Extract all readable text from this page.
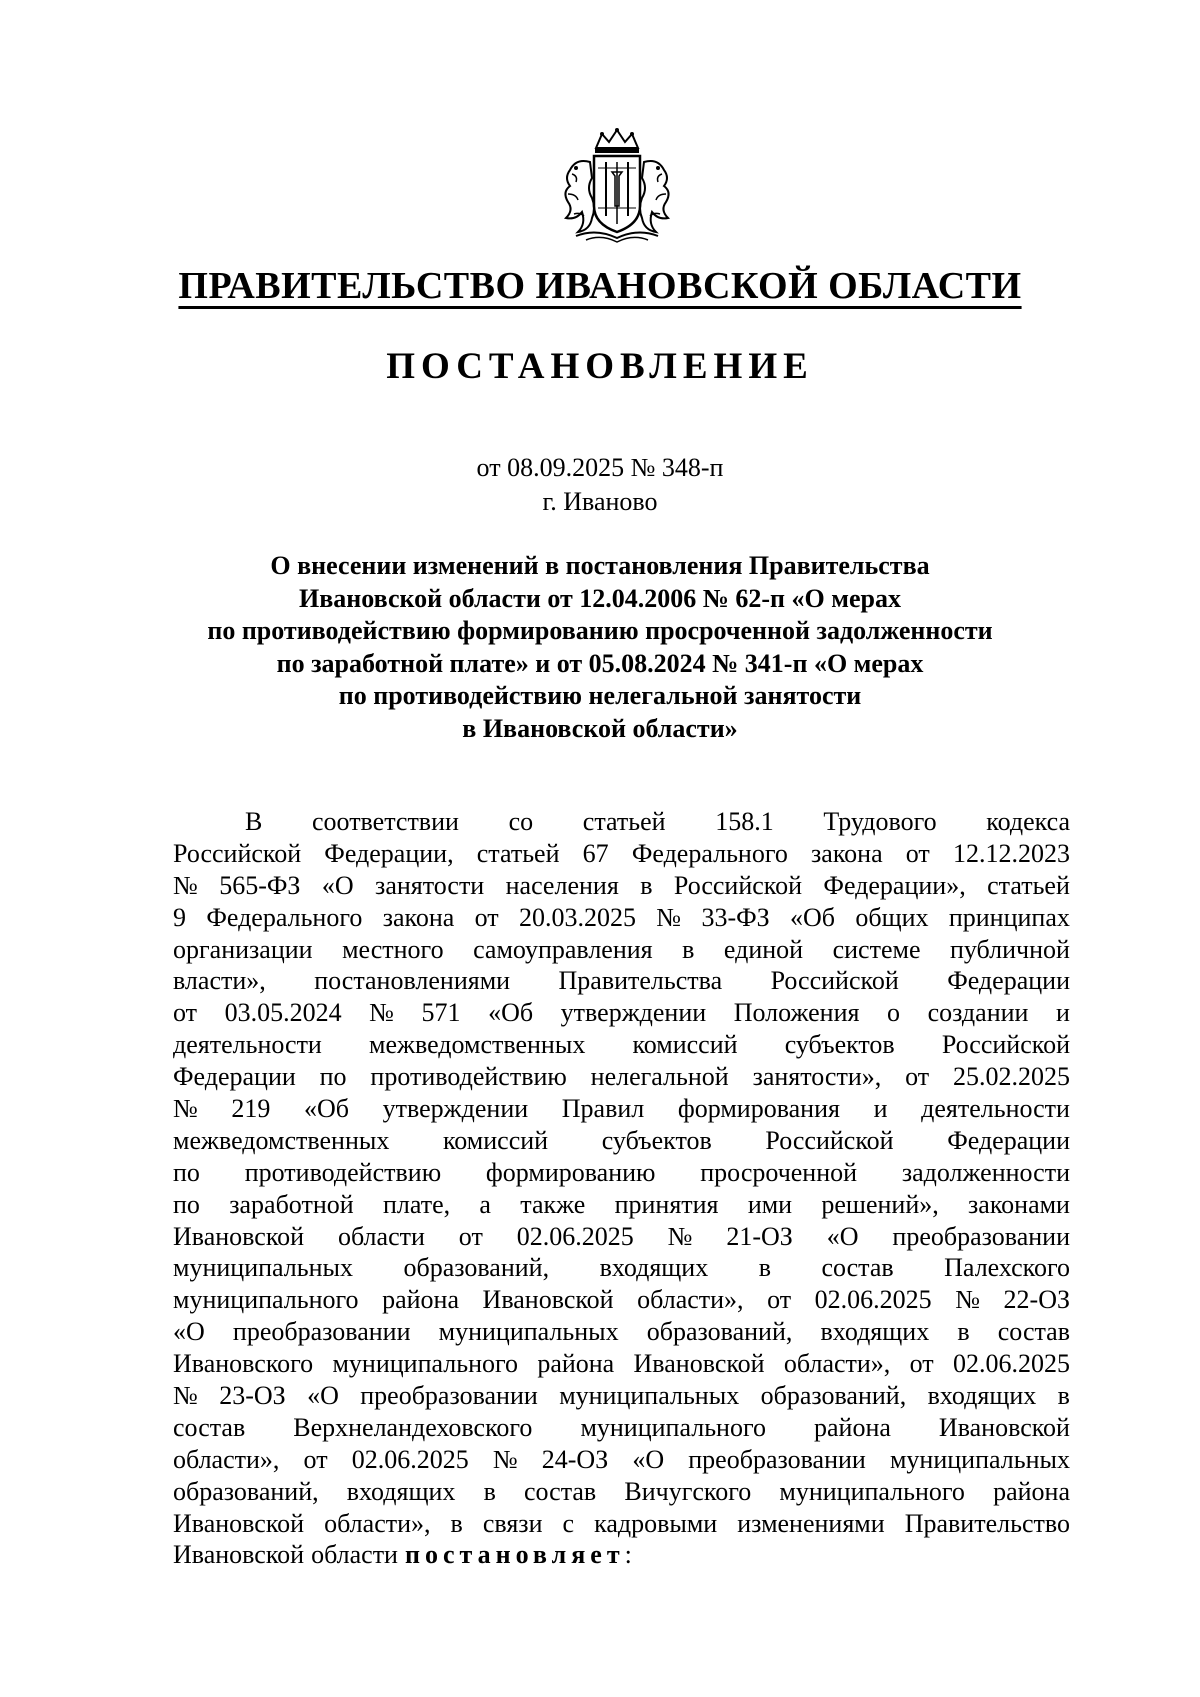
ПРАВИТЕЛЬСТВО ИВАНОВСКОЙ ОБЛАСТИ
ПОСТАНОВЛЕНИЕ
от 08.09.2025 № 348-п
г. Иваново
О внесении изменений в постановления Правительства
Ивановской области от 12.04.2006 № 62-п «О мерах
по противодействию формированию просроченной задолженности
по заработной плате» и от 05.08.2024 № 341-п «О мерах
по противодействию нелегальной занятости
в Ивановской области»
В соответствии со статьей 158.1 Трудового кодекса
Российской Федерации, статьей 67 Федерального закона от 12.12.2023
№ 565-ФЗ «О занятости населения в Российской Федерации», статьей
9 Федерального закона от 20.03.2025 № 33-ФЗ «Об общих принципах
организации местного самоуправления в единой системе публичной
власти», постановлениями Правительства Российской Федерации
от 03.05.2024 № 571 «Об утверждении Положения о создании и
деятельности межведомственных комиссий субъектов Российской
Федерации по противодействию нелегальной занятости», от 25.02.2025
№ 219 «Об утверждении Правил формирования и деятельности
межведомственных комиссий субъектов Российской Федерации
по противодействию формированию просроченной задолженности
по заработной плате, а также принятия ими решений», законами
Ивановской области от 02.06.2025 № 21-ОЗ «О преобразовании
муниципальных образований, входящих в состав Палехского
муниципального района Ивановской области», от 02.06.2025 № 22-ОЗ
«О преобразовании муниципальных образований, входящих в состав
Ивановского муниципального района Ивановской области», от 02.06.2025
№ 23-ОЗ «О преобразовании муниципальных образований, входящих в
состав Верхнеландеховского муниципального района Ивановской
области», от 02.06.2025 № 24-ОЗ «О преобразовании муниципальных
образований, входящих в состав Вичугского муниципального района
Ивановской области», в связи с кадровыми изменениями Правительство
Ивановской области постановляет :
